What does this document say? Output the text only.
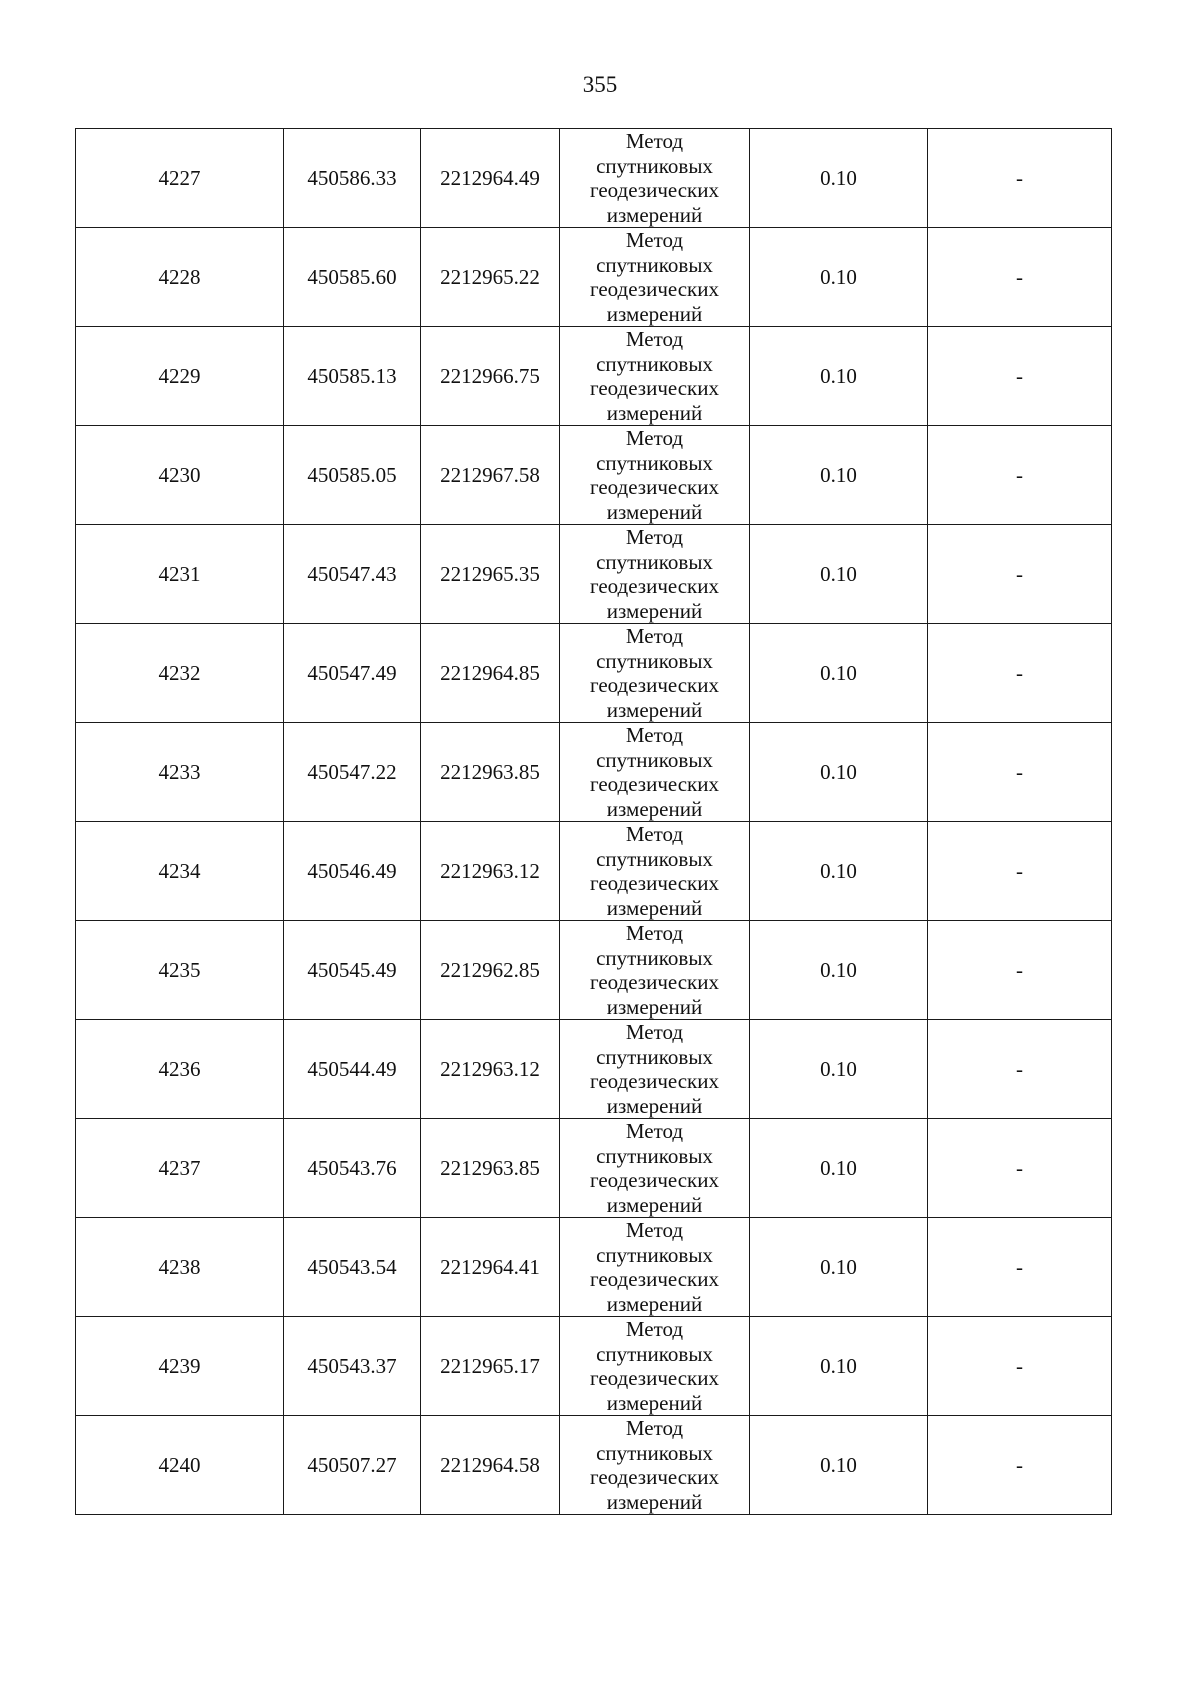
355
4227	450586.33	2212964.49	Метод спутниковых геодезических измерений	0.10	-
4228	450585.60	2212965.22	Метод спутниковых геодезических измерений	0.10	-
4229	450585.13	2212966.75	Метод спутниковых геодезических измерений	0.10	-
4230	450585.05	2212967.58	Метод спутниковых геодезических измерений	0.10	-
4231	450547.43	2212965.35	Метод спутниковых геодезических измерений	0.10	-
4232	450547.49	2212964.85	Метод спутниковых геодезических измерений	0.10	-
4233	450547.22	2212963.85	Метод спутниковых геодезических измерений	0.10	-
4234	450546.49	2212963.12	Метод спутниковых геодезических измерений	0.10	-
4235	450545.49	2212962.85	Метод спутниковых геодезических измерений	0.10	-
4236	450544.49	2212963.12	Метод спутниковых геодезических измерений	0.10	-
4237	450543.76	2212963.85	Метод спутниковых геодезических измерений	0.10	-
4238	450543.54	2212964.41	Метод спутниковых геодезических измерений	0.10	-
4239	450543.37	2212965.17	Метод спутниковых геодезических измерений	0.10	-
4240	450507.27	2212964.58	Метод спутниковых геодезических измерений	0.10	-
